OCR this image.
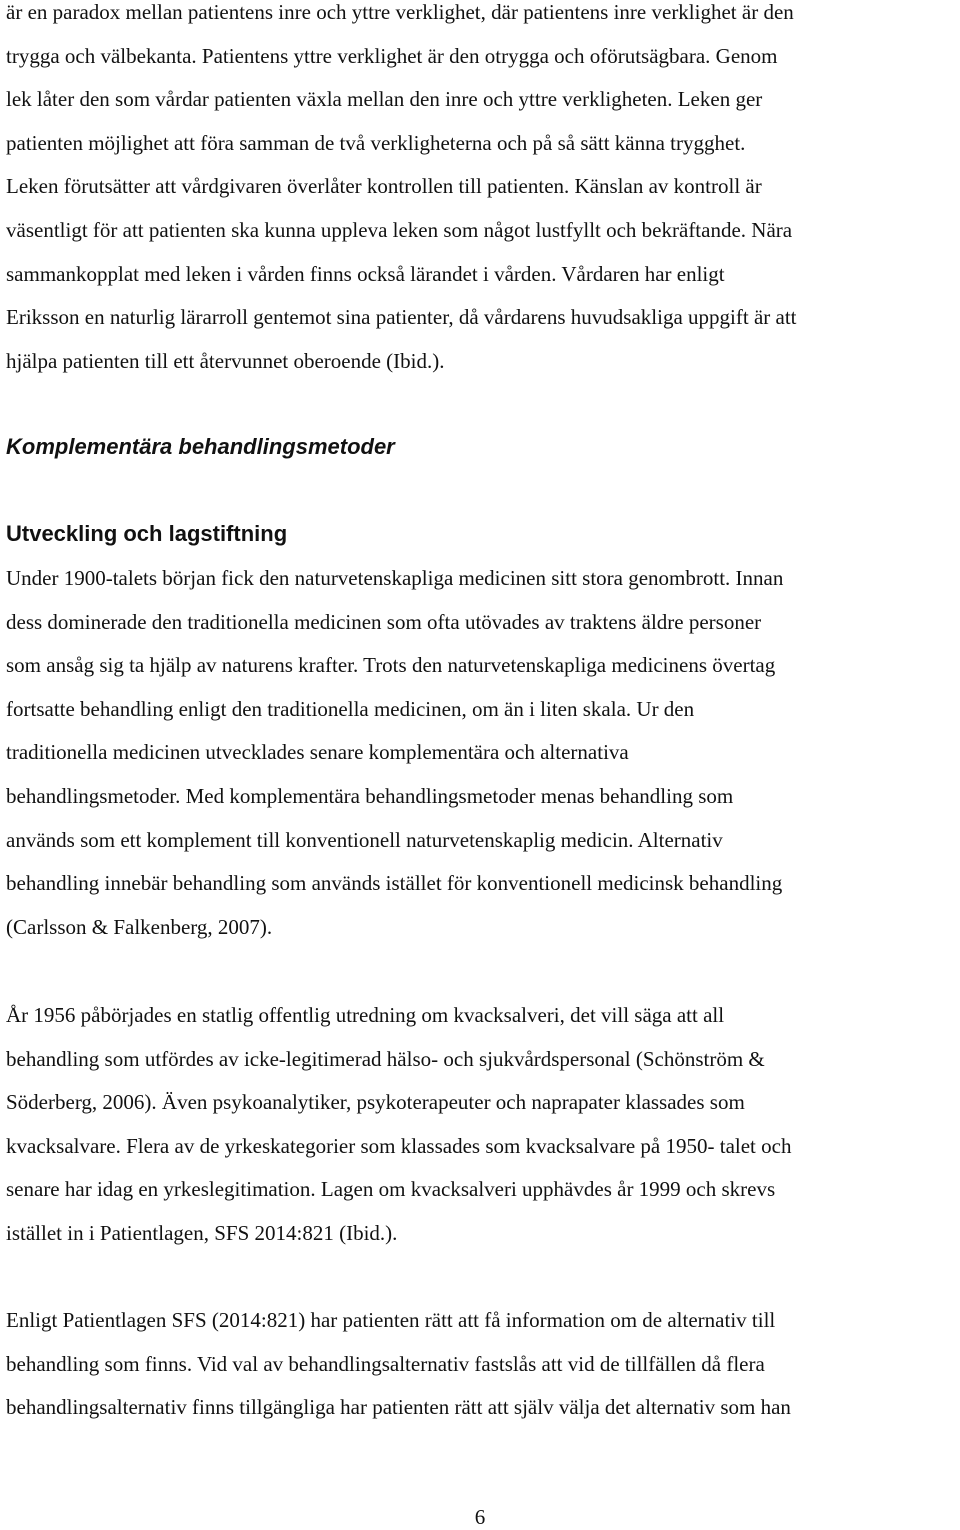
är en paradox mellan patientens inre och yttre verklighet, där patientens inre verklighet är den
trygga och välbekanta. Patientens yttre verklighet är den otrygga och oförutsägbara. Genom
lek låter den som vårdar patienten växla mellan den inre och yttre verkligheten. Leken ger
patienten möjlighet att föra samman de två verkligheterna och på så sätt känna trygghet.
Leken förutsätter att vårdgivaren överlåter kontrollen till patienten. Känslan av kontroll är
väsentligt för att patienten ska kunna uppleva leken som något lustfyllt och bekräftande. Nära
sammankopplat med leken i vården finns också lärandet i vården. Vårdaren har enligt
Eriksson en naturlig lärarroll gentemot sina patienter, då vårdarens huvudsakliga uppgift är att
hjälpa patienten till ett återvunnet oberoende (Ibid.).

Komplementära behandlingsmetoder
Utveckling och lagstiftning

Under 1900-talets början fick den naturvetenskapliga medicinen sitt stora genombrott. Innan
dess dominerade den traditionella medicinen som ofta utövades av traktens äldre personer
som ansåg sig ta hjälp av naturens krafter. Trots den naturvetenskapliga medicinens övertag
fortsatte behandling enligt den traditionella medicinen, om än i liten skala. Ur den
traditionella medicinen utvecklades senare komplementära och alternativa
behandlingsmetoder. Med komplementära behandlingsmetoder menas behandling som
används som ett komplement till konventionell naturvetenskaplig medicin. Alternativ
behandling innebär behandling som används istället för konventionell medicinsk behandling
(Carlsson & Falkenberg, 2007).

År 1956 påbörjades en statlig offentlig utredning om kvacksalveri, det vill säga att all
behandling som utfördes av icke-legitimerad hälso- och sjukvårdspersonal (Schönström &
Söderberg, 2006). Även psykoanalytiker, psykoterapeuter och naprapater klassades som
kvacksalvare. Flera av de yrkeskategorier som klassades som kvacksalvare på 1950- talet och
senare har idag en yrkeslegitimation. Lagen om kvacksalveri upphävdes år 1999 och skrevs
istället in i Patientlagen, SFS 2014:821 (Ibid.).

Enligt Patientlagen SFS (2014:821) har patienten rätt att få information om de alternativ till
behandling som finns. Vid val av behandlingsalternativ fastslås att vid de tillfällen då flera
behandlingsalternativ finns tillgängliga har patienten rätt att själv välja det alternativ som han

6
